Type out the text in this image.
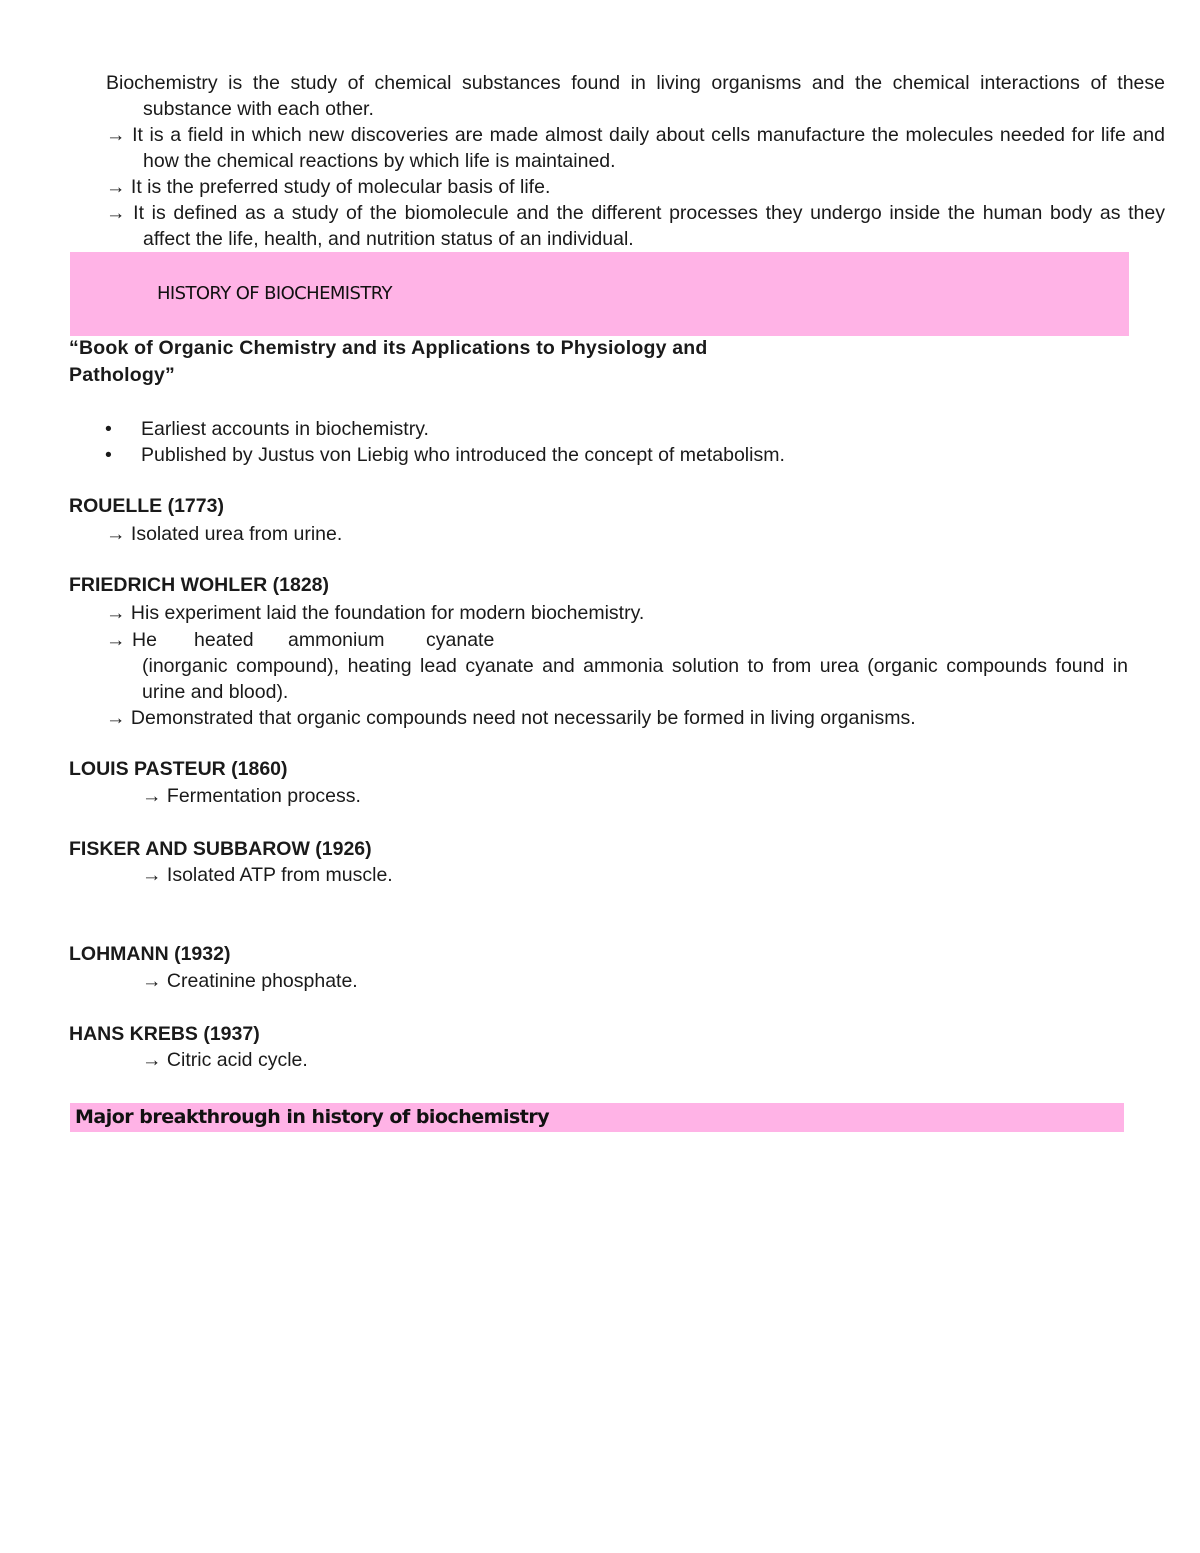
Biochemistry is the study of chemical substances found in living organisms and the chemical interactions of these substance with each other.
→ It is a field in which new discoveries are made almost daily about cells manufacture the molecules needed for life and how the chemical reactions by which life is maintained.
→ It is the preferred study of molecular basis of life.
→ It is defined as a study of the biomolecule and the different processes they undergo inside the human body as they affect the life, health, and nutrition status of an individual.
HISTORY OF BIOCHEMISTRY
“Book of Organic Chemistry and its Applications to Physiology and Pathology”
• Earliest accounts in biochemistry.
• Published by Justus von Liebig who introduced the concept of metabolism.
ROUELLE (1773)
→ Isolated urea from urine.
FRIEDRICH WOHLER (1828)
→ His experiment laid the foundation for modern biochemistry.
→ He heated ammonium cyanate
(inorganic compound), heating lead cyanate and ammonia solution to from urea (organic compounds found in urine and blood).
→ Demonstrated that organic compounds need not necessarily be formed in living organisms.
LOUIS PASTEUR (1860)
→ Fermentation process.
FISKER AND SUBBAROW (1926)
→ Isolated ATP from muscle.
LOHMANN (1932)
→ Creatinine phosphate.
HANS KREBS (1937)
→ Citric acid cycle.
Major breakthrough in history of biochemistry
